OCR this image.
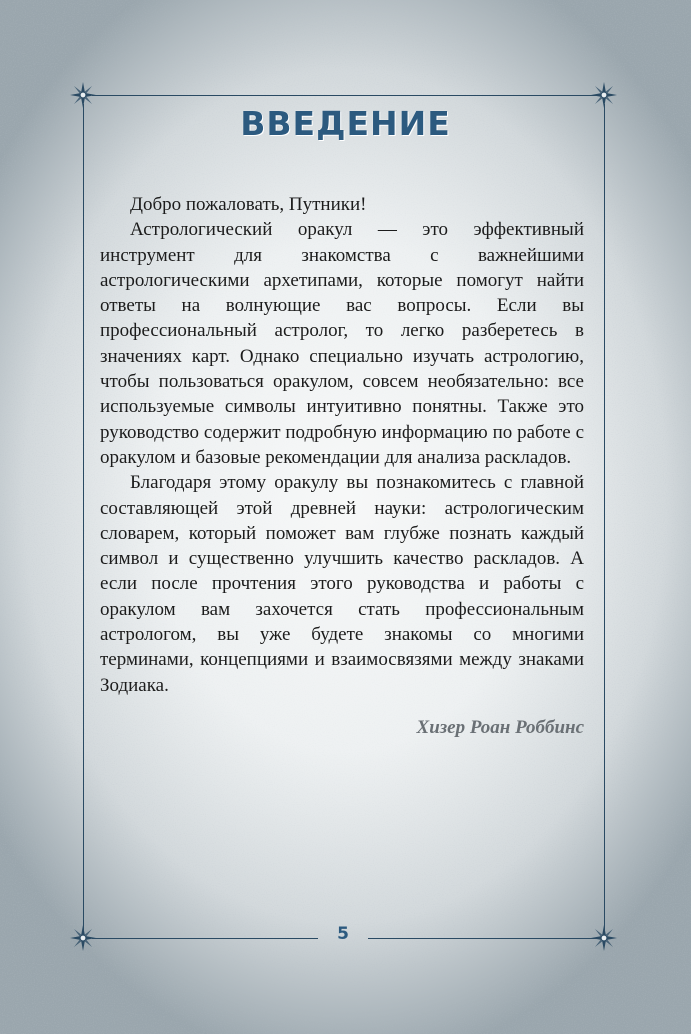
ВВЕДЕНИЕ

Добро пожаловать, Путники!

Астрологический оракул — это эффективный инструмент для знакомства с важнейшими астрологическими архетипами, которые помогут найти ответы на волнующие вас вопросы. Если вы профессиональный астролог, то легко разберетесь в значениях карт. Однако специально изучать астрологию, чтобы пользоваться оракулом, совсем необязательно: все используемые символы интуитивно понятны. Также это руководство содержит подробную информацию по работе с оракулом и базовые рекомендации для анализа раскладов.

Благодаря этому оракулу вы познакомитесь с главной составляющей этой древней науки: астрологическим словарем, который поможет вам глубже познать каждый символ и существенно улучшить качество раскладов. А если после прочтения этого руководства и работы с оракулом вам захочется стать профессиональным астрологом, вы уже будете знакомы со многими терминами, концепциями и взаимосвязями между знаками Зодиака.

Хизер Роан Роббинс
5
